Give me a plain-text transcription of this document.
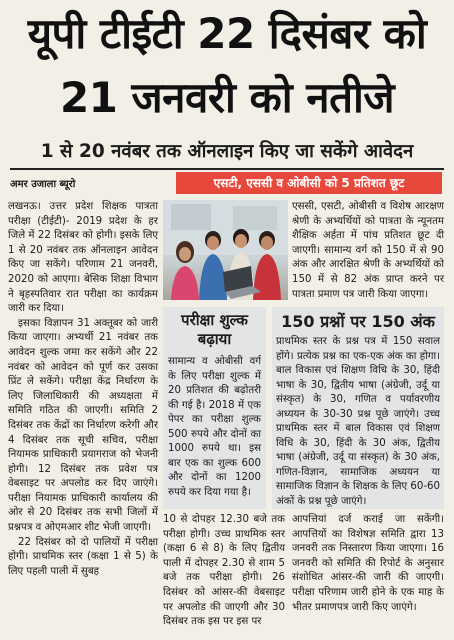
यूपी टीईटी 22 दिसंबर को
21 जनवरी को नतीजे
1 से 20 नवंबर तक ऑनलाइन किए जा सकेंगे आवेदन
अमर उजाला ब्यूरो	एसटी, एससी व ओबीसी को 5 प्रतिशत छूट
लखनऊ। उत्तर प्रदेश शिक्षक पात्रता परीक्षा (टीईटी)- 2019 प्रदेश के हर जिले में 22 दिसंबर को होगी। इसके लिए 1 से 20 नवंबर तक ऑनलाइन आवेदन किए जा सकेंगे। परिणाम 21 जनवरी, 2020 को आएगा। बेसिक शिक्षा विभाग ने बृहस्पतिवार रात परीक्षा का कार्यक्रम जारी कर दिया।
इसका विज्ञापन 31 अक्तूबर को जारी किया जाएगा। अभ्यर्थी 21 नवंबर तक आवेदन शुल्क जमा कर सकेंगे और 22 नवंबर को आवेदन को पूर्ण कर उसका प्रिंट ले सकेंगे। परीक्षा केंद्र निर्धारण के लिए जिलाधिकारी की अध्यक्षता में समिति गठित की जाएगी। समिति 2 दिसंबर तक केंद्रों का निर्धारण करेगी और 4 दिसंबर तक सूची सचिव, परीक्षा नियामक प्राधिकारी प्रयागराज को भेजनी होगी। 12 दिसंबर तक प्रवेश पत्र वेबसाइट पर अपलोड कर दिए जाएंगे। परीक्षा नियामक प्राधिकारी कार्यालय की ओर से 20 दिसंबर तक सभी जिलों में प्रश्नपत्र व ओएमआर शीट भेजी जाएगी।
22 दिसंबर को दो पालियों में परीक्षा होगी। प्राथमिक स्तर (कक्षा 1 से 5) के लिए पहली पाली में सुबह
एससी, एसटी, ओबीसी व विशेष आरक्षण श्रेणी के अभ्यर्थियों को पात्रता के न्यूनतम शैक्षिक अर्हता में पांच प्रतिशत छूट दी जाएगी। सामान्य वर्ग को 150 में से 90 अंक और आरक्षित श्रेणी के अभ्यर्थियों को 150 में से 82 अंक प्राप्त करने पर पात्रता प्रमाण पत्र जारी किया जाएगा।
परीक्षा शुल्क बढ़ाया
सामान्य व ओबीसी वर्ग के लिए परीक्षा शुल्क में 20 प्रतिशत की बढ़ोतरी की गई है। 2018 में एक पेपर का परीक्षा शुल्क 500 रुपये और दोनों का 1000 रुपये था। इस बार एक का शुल्क 600 और दोनों का 1200 रुपये कर दिया गया है।
150 प्रश्नों पर 150 अंक
प्राथमिक स्तर के प्रश्न पत्र में 150 सवाल होंगे। प्रत्येक प्रश्न का एक-एक अंक का होगा। बाल विकास एवं शिक्षण विधि के 30, हिंदी भाषा के 30, द्वितीय भाषा (अंग्रेजी, उर्दू या संस्कृत) के 30, गणित व पर्यावरणीय अध्ययन के 30-30 प्रश्न पूछे जाएंगे। उच्च प्राथमिक स्तर में बाल विकास एवं शिक्षण विधि के 30, हिंदी के 30 अंक, द्वितीय भाषा (अंग्रेजी, उर्दू या संस्कृत) के 30 अंक, गणित-विज्ञान, सामाजिक अध्ययन या सामाजिक विज्ञान के शिक्षक के लिए 60-60 अंकों के प्रश्न पूछे जाएंगे।
10 से दोपहर 12.30 बजे तक परीक्षा होगी। उच्च प्राथमिक स्तर (कक्षा 6 से 8) के लिए द्वितीय पाली में दोपहर 2.30 से शाम 5 बजे तक परीक्षा होगी। 26 दिसंबर को आंसर-की वेबसाइट पर अपलोड की जाएगी और 30 दिसंबर तक इस पर इस पर
आपत्तियां दर्ज कराई जा सकेंगी। आपत्तियों का विशेषज्ञ समिति द्वारा 13 जनवरी तक निस्तारण किया जाएगा। 16 जनवरी को समिति की रिपोर्ट के अनुसार संशोधित आंसर-की जारी की जाएगी। परीक्षा परिणाम जारी होने के एक माह के भीतर प्रमाणपत्र जारी किए जाएंगे।
